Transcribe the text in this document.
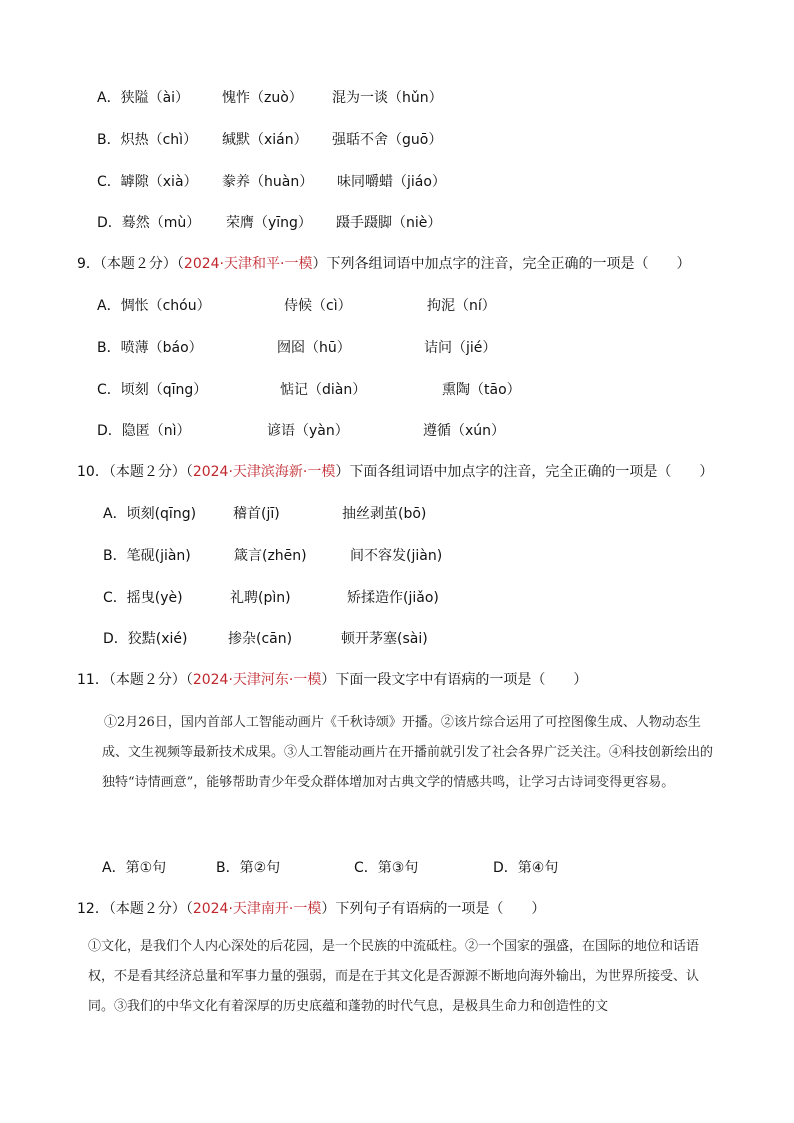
A．狭隘（ài） 愧怍（zuò） 混为一谈（hǔn）
B．炽热（chì） 缄默（xián） 强聒不舍（guō）
C．罅隙（xià） 豢养（huàn） 味同嚼蜡（jiáo）
D．蓦然（mù） 荣膺（yīng） 蹑手蹑脚（niè）
9．（本题２分）（2024·天津和平·一模）下列各组词语中加点字的注音，完全正确的一项是（　　）
A．惆怅（chóu）	侍候（cì）	拘泥（ní）
B．喷薄（báo）	囫囵（hū）	诘问（jié）
C．顷刻（qīng）	惦记（diàn）	熏陶（tāo）
D．隐匿（nì）	谚语（yàn）	遵循（xún）
10．（本题２分）（2024·天津滨海新·一模）下面各组词语中加点字的注音，完全正确的一项是（　　）
A．顷刻(qīng)	稽首(jī)	抽丝剥茧(bō)
B．笔砚(jiàn)	箴言(zhēn)	间不容发(jiàn)
C．摇曳(yè)	礼聘(pìn)	矫揉造作(jiǎo)
D．狡黠(xié)	掺杂(cān)	顿开茅塞(sài)
11．（本题２分）（2024·天津河东·一模）下面一段文字中有语病的一项是（　　）
①2月26日，国内首部人工智能动画片《千秋诗颂》开播。②该片综合运用了可控图像生成、人物动态生成、文生视频等最新技术成果。③人工智能动画片在开播前就引发了社会各界广泛关注。④科技创新绘出的独特“诗情画意”，能够帮助青少年受众群体增加对古典文学的情感共鸣，让学习古诗词变得更容易。
A．第①句	B．第②句	C．第③句	D．第④句
12．（本题２分）（2024·天津南开·一模）下列句子有语病的一项是（　　）
①文化，是我们个人内心深处的后花园，是一个民族的中流砥柱。②一个国家的强盛，在国际的地位和话语权，不是看其经济总量和军事力量的强弱，而是在于其文化是否源源不断地向海外输出，为世界所接受、认同。③我们的中华文化有着深厚的历史底蕴和蓬勃的时代气息，是极具生命力和创造性的文
